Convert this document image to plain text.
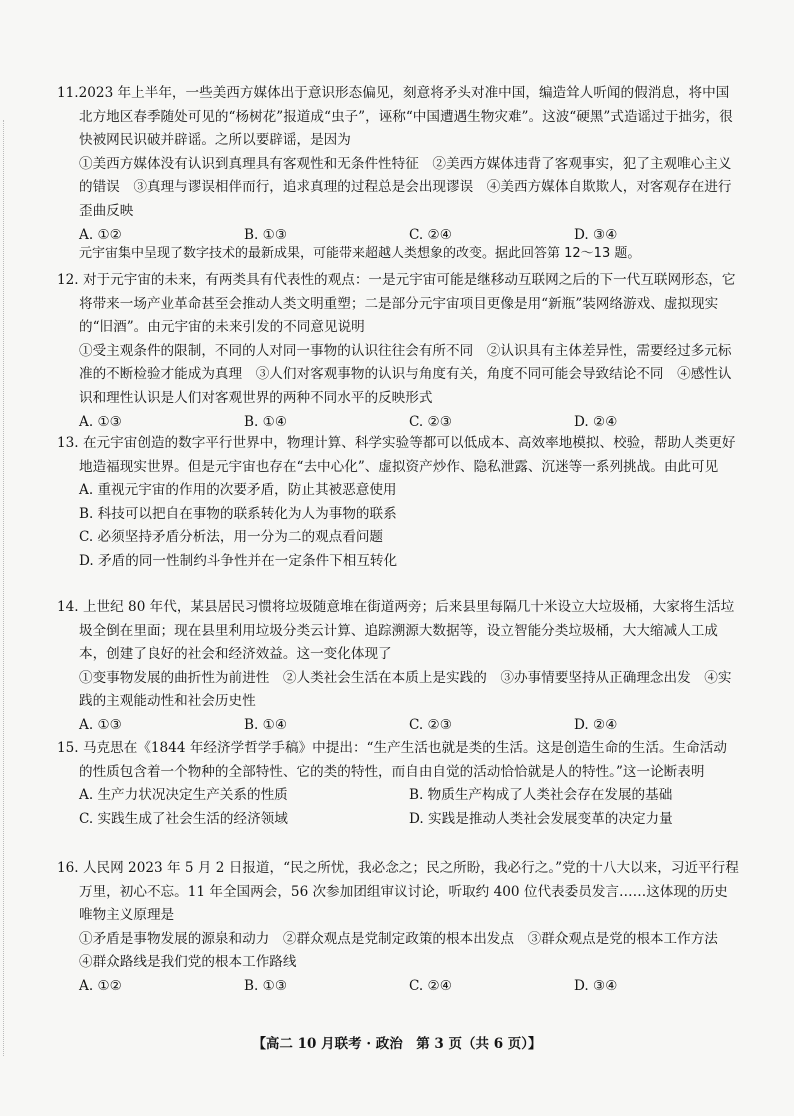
11.2023 年上半年，一些美西方媒体出于意识形态偏见，刻意将矛头对准中国，编造耸人听闻的假消息，将中国北方地区春季随处可见的“杨树花”报道成“虫子”，诬称“中国遭遇生物灾难”。这波“硬黑”式造谣过于拙劣，很快被网民识破并辟谣。之所以要辟谣，是因为

①美西方媒体没有认识到真理具有客观性和无条件性特征　②美西方媒体违背了客观事实，犯了主观唯心主义的错误　③真理与谬误相伴而行，追求真理的过程总是会出现谬误　④美西方媒体自欺欺人，对客观存在进行歪曲反映

A. ①②	B. ①③	C. ②④	D. ③④

元宇宙集中呈现了数字技术的最新成果，可能带来超越人类想象的改变。据此回答第 12～13 题。

12. 对于元宇宙的未来，有两类具有代表性的观点：一是元宇宙可能是继移动互联网之后的下一代互联网形态，它将带来一场产业革命甚至会推动人类文明重塑；二是部分元宇宙项目更像是用“新瓶”装网络游戏、虚拟现实的“旧酒”。由元宇宙的未来引发的不同意见说明

①受主观条件的限制，不同的人对同一事物的认识往往会有所不同　②认识具有主体差异性，需要经过多元标准的不断检验才能成为真理　③人们对客观事物的认识与角度有关，角度不同可能会导致结论不同　④感性认识和理性认识是人们对客观世界的两种不同水平的反映形式

A. ①③	B. ①④	C. ②③	D. ②④

13. 在元宇宙创造的数字平行世界中，物理计算、科学实验等都可以低成本、高效率地模拟、校验，帮助人类更好地造福现实世界。但是元宇宙也存在“去中心化”、虚拟资产炒作、隐私泄露、沉迷等一系列挑战。由此可见

A. 重视元宇宙的作用的次要矛盾，防止其被恶意使用

B. 科技可以把自在事物的联系转化为人为事物的联系

C. 必须坚持矛盾分析法，用一分为二的观点看问题

D. 矛盾的同一性制约斗争性并在一定条件下相互转化

14. 上世纪 80 年代，某县居民习惯将垃圾随意堆在街道两旁；后来县里每隔几十米设立大垃圾桶，大家将生活垃圾全倒在里面；现在县里利用垃圾分类云计算、追踪溯源大数据等，设立智能分类垃圾桶，大大缩减人工成本，创建了良好的社会和经济效益。这一变化体现了

①变事物发展的曲折性为前进性　②人类社会生活在本质上是实践的　③办事情要坚持从正确理念出发　④实践的主观能动性和社会历史性

A. ①③	B. ①④	C. ②③	D. ②④

15. 马克思在《1844 年经济学哲学手稿》中提出：“生产生活也就是类的生活。这是创造生命的生活。生命活动的性质包含着一个物种的全部特性、它的类的特性，而自由自觉的活动恰恰就是人的特性。”这一论断表明

A. 生产力状况决定生产关系的性质	B. 物质生产构成了人类社会存在发展的基础
C. 实践生成了社会生活的经济领域	D. 实践是推动人类社会发展变革的决定力量

16. 人民网 2023 年 5 月 2 日报道，“民之所忧，我必念之；民之所盼，我必行之。”党的十八大以来，习近平行程万里，初心不忘。11 年全国两会，56 次参加团组审议讨论，听取约 400 位代表委员发言……这体现的历史唯物主义原理是

①矛盾是事物发展的源泉和动力　②群众观点是党制定政策的根本出发点　③群众观点是党的根本工作方法　④群众路线是我们党的根本工作路线

A. ①②	B. ①③	C. ②④	D. ③④

【高二 10 月联考 · 政治　第 3 页（共 6 页）】
